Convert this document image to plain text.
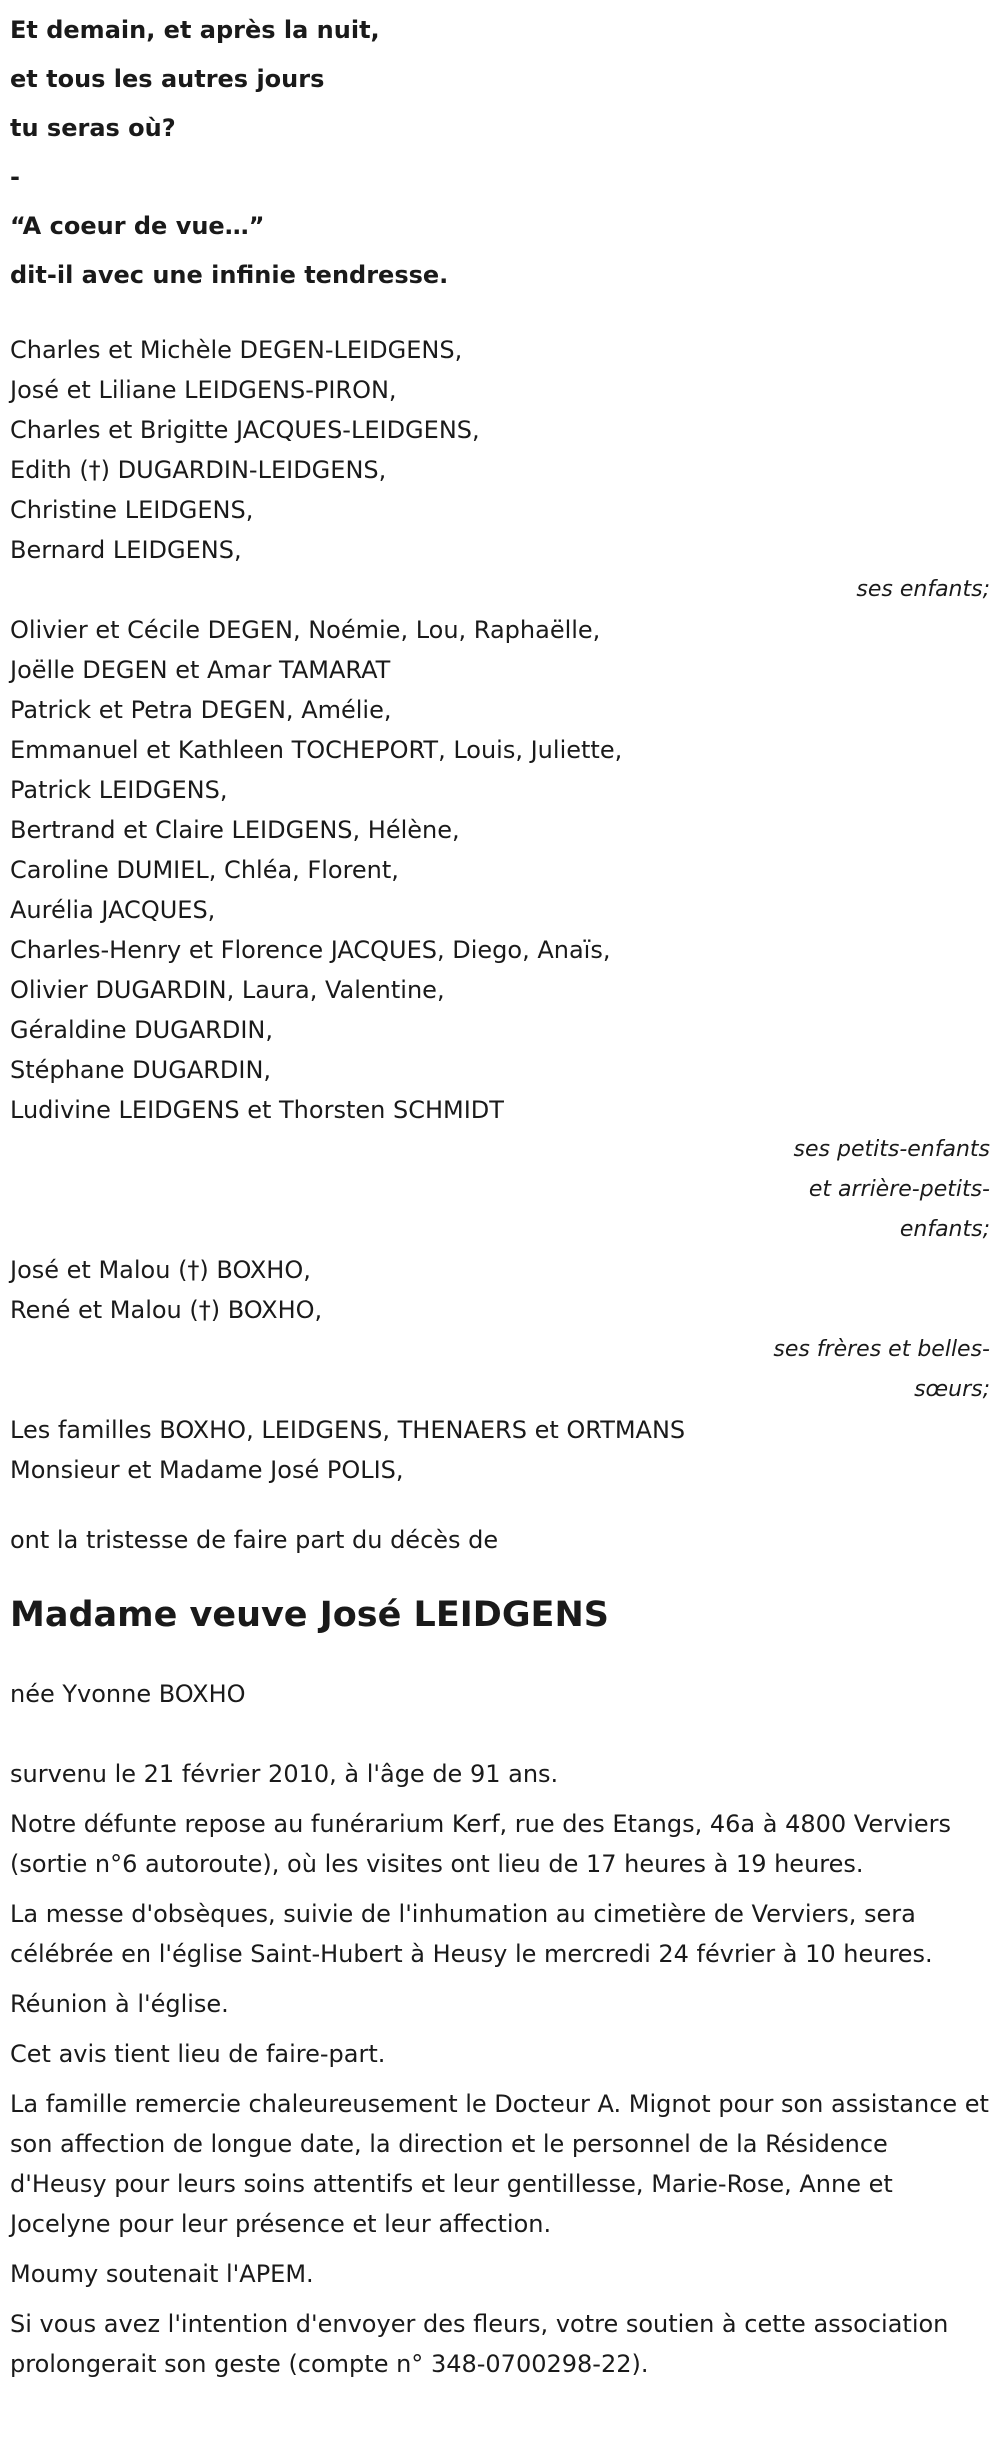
Et demain, et après la nuit,
et tous les autres jours
tu seras où?
-
“A coeur de vue…”
dit-il avec une infinie tendresse.
Charles et Michèle DEGEN-LEIDGENS,
José et Liliane LEIDGENS-PIRON,
Charles et Brigitte JACQUES-LEIDGENS,
Edith (†) DUGARDIN-LEIDGENS,
Christine LEIDGENS,
Bernard LEIDGENS,
ses enfants;
Olivier et Cécile DEGEN, Noémie, Lou, Raphaëlle,
Joëlle DEGEN et Amar TAMARAT
Patrick et Petra DEGEN, Amélie,
Emmanuel et Kathleen TOCHEPORT, Louis, Juliette,
Patrick LEIDGENS,
Bertrand et Claire LEIDGENS, Hélène,
Caroline DUMIEL, Chléa, Florent,
Aurélia JACQUES,
Charles-Henry et Florence JACQUES, Diego, Anaïs,
Olivier DUGARDIN, Laura, Valentine,
Géraldine DUGARDIN,
Stéphane DUGARDIN,
Ludivine LEIDGENS et Thorsten SCHMIDT
ses petits-enfants
et arrière-petits-
enfants;
José et Malou (†) BOXHO,
René et Malou (†) BOXHO,
ses frères et belles-
sœurs;
Les familles BOXHO, LEIDGENS, THENAERS et ORTMANS
Monsieur et Madame José POLIS,
ont la tristesse de faire part du décès de
Madame veuve José LEIDGENS
née Yvonne BOXHO
survenu le 21 février 2010, à l'âge de 91 ans.
Notre défunte repose au funérarium Kerf, rue des Etangs, 46a à 4800 Verviers (sortie n°6 autoroute), où les visites ont lieu de 17 heures à 19 heures.
La messe d'obsèques, suivie de l'inhumation au cimetière de Verviers, sera célébrée en l'église Saint-Hubert à Heusy le mercredi 24 février à 10 heures.
Réunion à l'église.
Cet avis tient lieu de faire-part.
La famille remercie chaleureusement le Docteur A. Mignot pour son assistance et son affection de longue date, la direction et le personnel de la Résidence d'Heusy pour leurs soins attentifs et leur gentillesse, Marie-Rose, Anne et Jocelyne pour leur présence et leur affection.
Moumy soutenait l'APEM.
Si vous avez l'intention d'envoyer des fleurs, votre soutien à cette association prolongerait son geste (compte n° 348-0700298-22).
